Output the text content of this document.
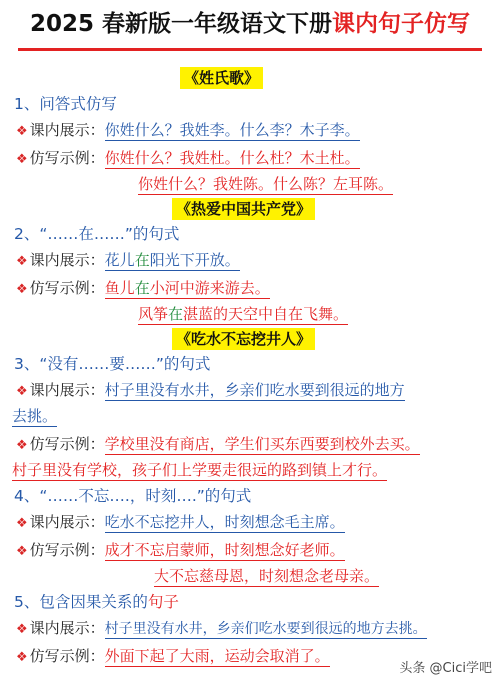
2025 春新版一年级语文下册课内句子仿写
《姓氏歌》
1、问答式仿写
❖ 课内展示：你姓什么？我姓李。什么李？木子李。
❖ 仿写示例：你姓什么？我姓杜。什么杜？木土杜。
你姓什么？我姓陈。什么陈？左耳陈。
《热爱中国共产党》
2、“……在……”的句式
❖ 课内展示：花儿在阳光下开放。
❖ 仿写示例：鱼儿在小河中游来游去。
风筝在湛蓝的天空中自在飞舞。
《吃水不忘挖井人》
3、“没有……要……”的句式
❖ 课内展示：村子里没有水井，乡亲们吃水要到很远的地方
去挑。
❖ 仿写示例：学校里没有商店，学生们买东西要到校外去买。
村子里没有学校，孩子们上学要走很远的路到镇上才行。
4、“……不忘….，时刻….”的句式
❖ 课内展示：吃水不忘挖井人，时刻想念毛主席。
❖ 仿写示例：成才不忘启蒙师，时刻想念好老师。
大不忘慈母恩，时刻想念老母亲。
5、包含因果关系的句子
❖ 课内展示：村子里没有水井，乡亲们吃水要到很远的地方去挑。
❖ 仿写示例：外面下起了大雨，运动会取消了。
头条 @Cici学吧
